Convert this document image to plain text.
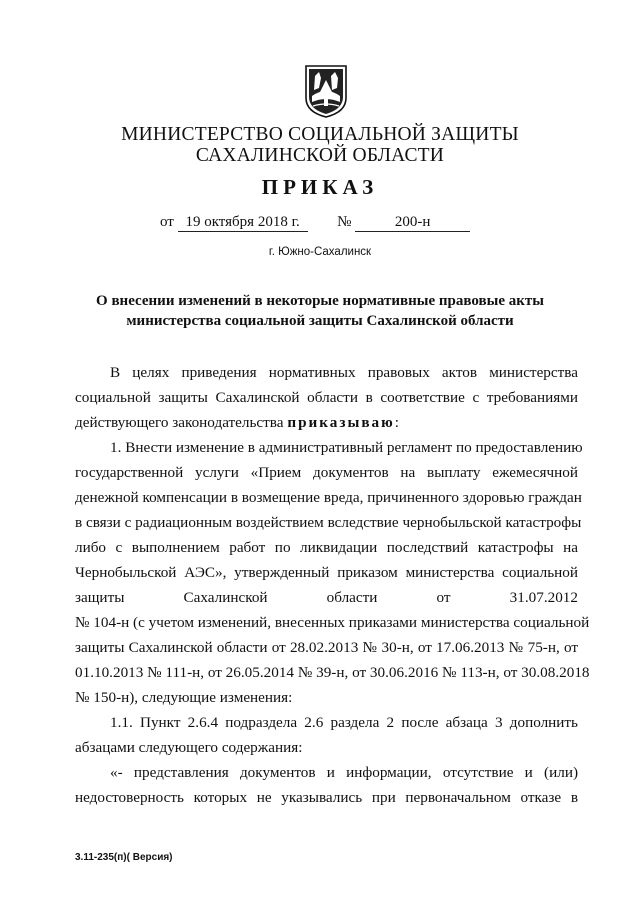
МИНИСТЕРСТВО СОЦИАЛЬНОЙ ЗАЩИТЫ
САХАЛИНСКОЙ ОБЛАСТИ
ПРИКАЗ
от 19 октября 2018 г. №	200-н
г. Южно-Сахалинск
О внесении изменений в некоторые нормативные правовые акты
министерства социальной защиты Сахалинской области
В целях приведения нормативных правовых актов министерства
социальной защиты Сахалинской области в соответствие с требованиями
действующего законодательства приказываю:
1. Внести изменение в административный регламент по предоставлению
государственной услуги «Прием документов на выплату ежемесячной
денежной компенсации в возмещение вреда, причиненного здоровью граждан
в связи с радиационным воздействием вследствие чернобыльской катастрофы
либо с выполнением работ по ликвидации последствий катастрофы на
Чернобыльской АЭС», утвержденный приказом министерства социальной
защиты Сахалинской области от 31.07.2012
№ 104-н (с учетом изменений, внесенных приказами министерства социальной
защиты Сахалинской области от 28.02.2013 № 30-н, от 17.06.2013 № 75-н, от
01.10.2013 № 111-н, от 26.05.2014 № 39-н, от 30.06.2016 № 113-н, от 30.08.2018
№ 150-н), следующие изменения:
1.1. Пункт 2.6.4 подраздела 2.6 раздела 2 после абзаца 3 дополнить
абзацами следующего содержания:
«- представления документов и информации, отсутствие и (или)
недостоверность которых не указывались при первоначальном отказе в
3.11-235(п)( Версия)
